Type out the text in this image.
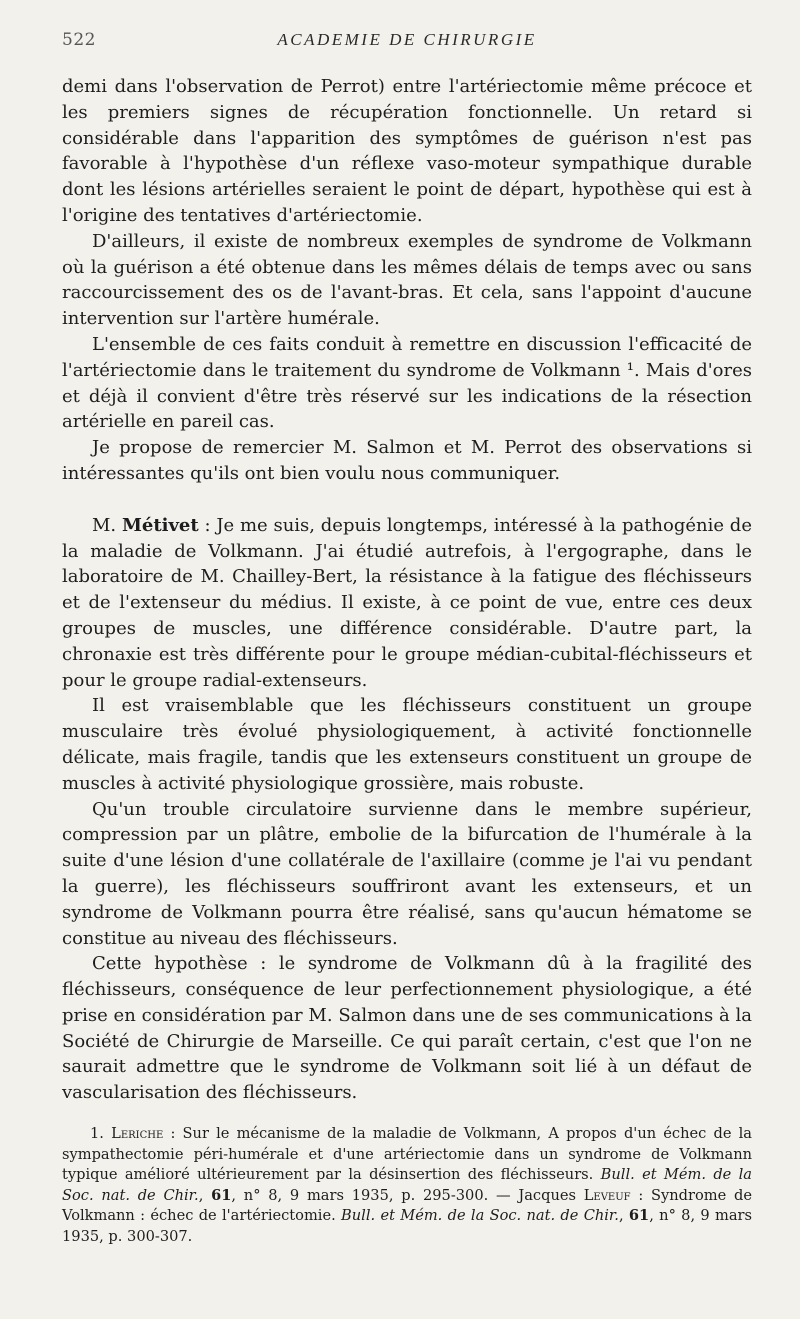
522	ACADEMIE DE CHIRURGIE

demi dans l'observation de Perrot) entre l'artériectomie même précoce et les premiers signes de récupération fonctionnelle. Un retard si considérable dans l'apparition des symptômes de guérison n'est pas favorable à l'hypothèse d'un réflexe vaso-moteur sympathique durable dont les lésions artérielles seraient le point de départ, hypothèse qui est à l'origine des tentatives d'artériectomie.

D'ailleurs, il existe de nombreux exemples de syndrome de Volkmann où la guérison a été obtenue dans les mêmes délais de temps avec ou sans raccourcissement des os de l'avant-bras. Et cela, sans l'appoint d'aucune intervention sur l'artère humérale.

L'ensemble de ces faits conduit à remettre en discussion l'efficacité de l'artériectomie dans le traitement du syndrome de Volkmann ¹. Mais d'ores et déjà il convient d'être très réservé sur les indications de la résection artérielle en pareil cas.

Je propose de remercier M. Salmon et M. Perrot des observations si intéressantes qu'ils ont bien voulu nous communiquer.

M. Métivet : Je me suis, depuis longtemps, intéressé à la pathogénie de la maladie de Volkmann. J'ai étudié autrefois, à l'ergographe, dans le laboratoire de M. Chailley-Bert, la résistance à la fatigue des fléchisseurs et de l'extenseur du médius. Il existe, à ce point de vue, entre ces deux groupes de muscles, une différence considérable. D'autre part, la chronaxie est très différente pour le groupe médian-cubital-fléchisseurs et pour le groupe radial-extenseurs.

Il est vraisemblable que les fléchisseurs constituent un groupe musculaire très évolué physiologiquement, à activité fonctionnelle délicate, mais fragile, tandis que les extenseurs constituent un groupe de muscles à activité physiologique grossière, mais robuste.

Qu'un trouble circulatoire survienne dans le membre supérieur, compression par un plâtre, embolie de la bifurcation de l'humérale à la suite d'une lésion d'une collatérale de l'axillaire (comme je l'ai vu pendant la guerre), les fléchisseurs souffriront avant les extenseurs, et un syndrome de Volkmann pourra être réalisé, sans qu'aucun hématome se constitue au niveau des fléchisseurs.

Cette hypothèse : le syndrome de Volkmann dû à la fragilité des fléchisseurs, conséquence de leur perfectionnement physiologique, a été prise en considération par M. Salmon dans une de ses communications à la Société de Chirurgie de Marseille. Ce qui paraît certain, c'est que l'on ne saurait admettre que le syndrome de Volkmann soit lié à un défaut de vascularisation des fléchisseurs.

1. Leriche : Sur le mécanisme de la maladie de Volkmann, A propos d'un échec de la sympathectomie péri-humérale et d'une artériectomie dans un syndrome de Volkmann typique amélioré ultérieurement par la désinsertion des fléchisseurs. Bull. et Mém. de la Soc. nat. de Chir., 61, n° 8, 9 mars 1935, p. 295-300. — Jacques Leveuf : Syndrome de Volkmann : échec de l'artériectomie. Bull. et Mém. de la Soc. nat. de Chir., 61, n° 8, 9 mars 1935, p. 300-307.
